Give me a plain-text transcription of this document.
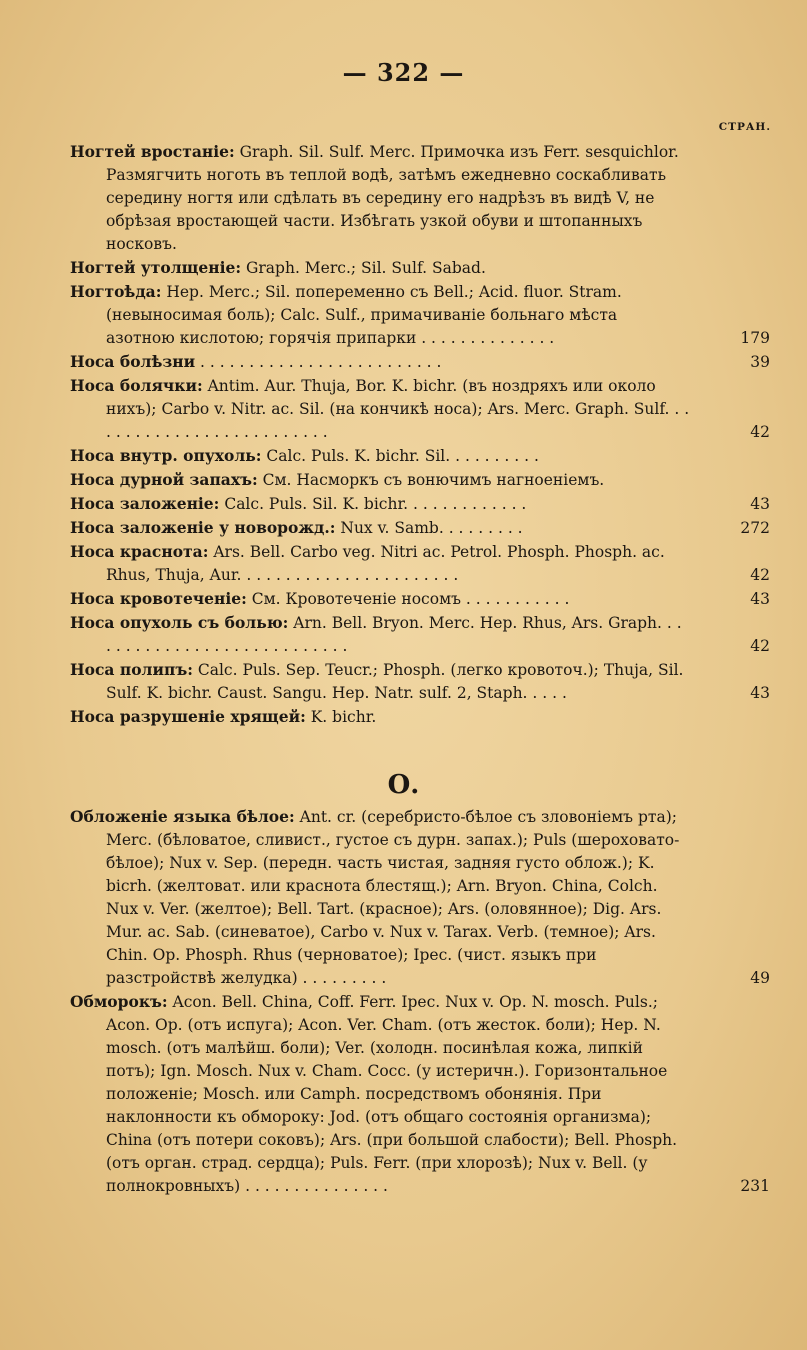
— 322 —
СТРАН.
Ногтей вростаніе: Graph. Sil. Sulf. Merc. Примочка изъ Ferr. sesquichlor. Размягчить ноготь въ теплой водѣ, затѣмъ ежедневно соскабливать середину ногтя или сдѣлать въ середину его надрѣзъ въ видѣ V, не обрѣзая вростающей части. Избѣгать узкой обуви и штопанныхъ носковъ.
Ногтей утолщеніе: Graph. Merc.; Sil. Sulf. Sabad.
Ногтоѣда: Hep. Merc.; Sil. попеременно съ Bell.; Acid. fluor. Stram. (невыносимая боль); Calc. Sulf., примачиваніе больнаго мѣста азотною кислотою; горячія припарки . . . . . . . . . . . . . .	179
Носа болѣзни . . . . . . . . . . . . . . . . . . . . . . . . .	39
Носа болячки: Antim. Aur. Thuja, Bor. K. bichr. (въ ноздряхъ или около нихъ); Carbo v. Nitr. ac. Sil. (на кончикѣ носа); Ars. Merc. Graph. Sulf. . . . . . . . . . . . . . . . . . . . . . . . . .	42
Носа внутр. опухоль: Calc. Puls. K. bichr. Sil. . . . . . . . . .
Носа дурной запахъ: См. Насморкъ съ вонючимъ нагноеніемъ.
Носа заложеніе: Calc. Puls. Sil. K. bichr. . . . . . . . . . . . .	43
Носа заложеніе у новорожд.: Nux v. Samb. . . . . . . . .	272
Носа краснота: Ars. Bell. Carbo veg. Nitri ac. Petrol. Phosph. Phosph. ac. Rhus, Thuja, Aur. . . . . . . . . . . . . . . . . . . . . . .	42
Носа кровотеченіе: См. Кровотеченіе носомъ . . . . . . . . . . .	43
Носа опухоль съ болью: Arn. Bell. Bryon. Merc. Hep. Rhus, Ars. Graph. . . . . . . . . . . . . . . . . . . . . . . . . . . .	42
Носа полипъ: Calc. Puls. Sep. Teucr.; Phosph. (легко кровоточ.); Thuja, Sil. Sulf. K. bichr. Caust. Sangu. Hep. Natr. sulf. 2, Staph. . . . .	43
Носа разрушеніе хрящей: K. bichr.
О.
Обложеніе языка бѣлое: Ant. cr. (серебристо-бѣлое съ зловоніемъ рта); Merc. (бѣловатое, сливист., густое съ дурн. запах.); Puls (шероховато-бѣлое); Nux v. Sep. (передн. часть чистая, задняя густо облож.); K. bicrh. (желтоват. или краснота блестящ.); Arn. Bryon. China, Colch. Nux v. Ver. (желтое); Bell. Tart. (красное); Ars. (оловянное); Dig. Ars. Mur. ac. Sab. (синеватое), Carbo v. Nux v. Tarax. Verb. (темное); Ars. Chin. Op. Phosph. Rhus (черноватое); Ipec. (чист. языкъ при разстройствѣ желудка) . . . . . . . . .	49
Обморокъ: Acon. Bell. China, Coff. Ferr. Ipec. Nux v. Op. N. mosch. Puls.; Acon. Op. (отъ испуга); Acon. Ver. Cham. (отъ жесток. боли); Hep. N. mosch. (отъ малѣйш. боли); Ver. (холодн. посинѣлая кожа, липкій потъ); Ign. Mosch. Nux v. Cham. Cocc. (у истеричн.). Горизонтальное положеніе; Mosch. или Camph. посредствомъ обонянія. При наклонности къ обмороку: Jod. (отъ общаго состоянія организма); China (отъ потери соковъ); Ars. (при большой слабости); Bell. Phosph. (отъ орган. страд. сердца); Puls. Ferr. (при хлорозѣ); Nux v. Bell. (у полнокровныхъ) . . . . . . . . . . . . . . .	231
